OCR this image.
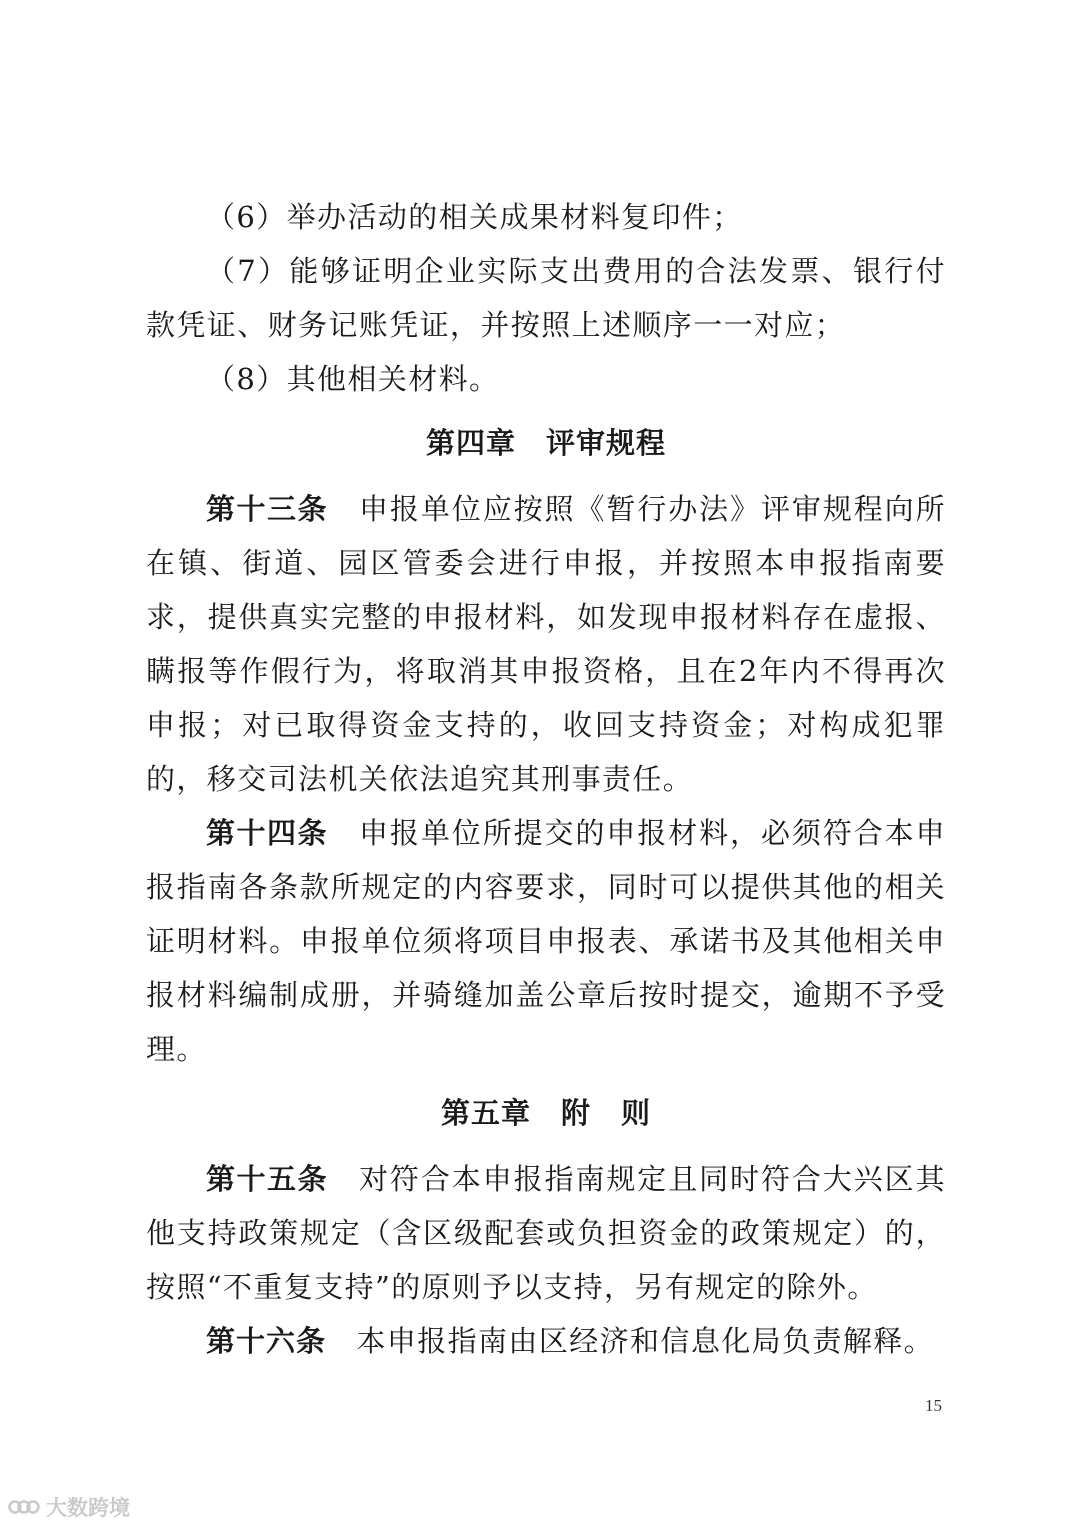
（6）举办活动的相关成果材料复印件；

（7）能够证明企业实际支出费用的合法发票、银行付款凭证、财务记账凭证，并按照上述顺序一一对应；

（8）其他相关材料。

第四章　评审规程

第十三条　 申报单位应按照《暂行办法》评审规程向所在镇、街道、园区管委会进行申报，并按照本申报指南要求，提供真实完整的申报材料，如发现申报材料存在虚报、瞒报等作假行为，将取消其申报资格，且在2年内不得再次申报；对已取得资金支持的，收回支持资金；对构成犯罪的，移交司法机关依法追究其刑事责任。

第十四条　 申报单位所提交的申报材料，必须符合本申报指南各条款所规定的内容要求，同时可以提供其他的相关证明材料。申报单位须将项目申报表、承诺书及其他相关申报材料编制成册，并骑缝加盖公章后按时提交，逾期不予受理。

第五章　附　则

第十五条　 对符合本申报指南规定且同时符合大兴区其他支持政策规定（含区级配套或负担资金的政策规定）的，按照“不重复支持”的原则予以支持，另有规定的除外。

第十六条　 本申报指南由区经济和信息化局负责解释。

15
大数跨境
